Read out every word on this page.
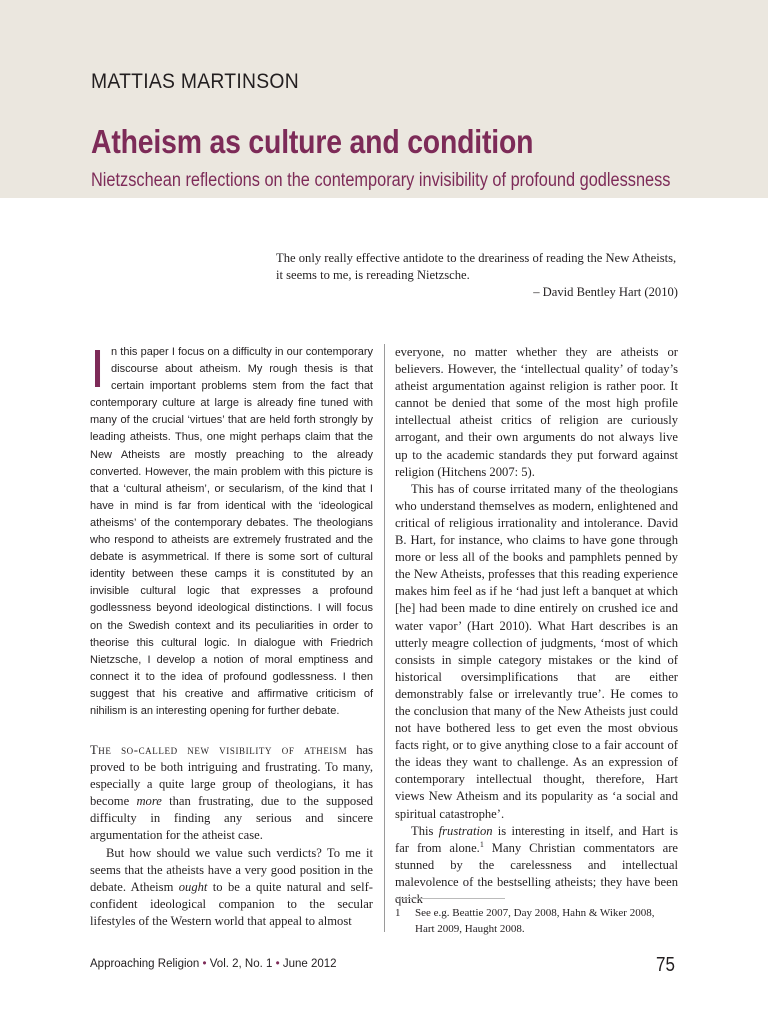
MATTIAS MARTINSON
Atheism as culture and condition
Nietzschean reflections on the contemporary invisibility of profound godlessness
The only really effective antidote to the dreariness of reading the New Atheists, it seems to me, is rereading Nietzsche.
– David Bentley Hart (2010)
I n this paper I focus on a difficulty in our contemporary discourse about atheism. My rough thesis is that certain important problems stem from the fact that contemporary culture at large is already fine tuned with many of the crucial ‘virtues’ that are held forth strongly by leading atheists. Thus, one might perhaps claim that the New Atheists are mostly preaching to the already converted. However, the main problem with this picture is that a ‘cultural atheism’, or secularism, of the kind that I have in mind is far from identical with the ‘ideological atheisms’ of the contemporary debates. The theologians who respond to atheists are extremely frustrated and the debate is asymmetrical. If there is some sort of cultural identity between these camps it is constituted by an invisible cultural logic that expresses a profound godlessness beyond ideological distinctions. I will focus on the Swedish context and its peculiarities in order to theorise this cultural logic. In dialogue with Friedrich Nietzsche, I develop a notion of moral emptiness and connect it to the idea of profound godlessness. I then suggest that his creative and affirmative criticism of nihilism is an interesting opening for further debate.

The so-called new visibility of atheism has proved to be both intriguing and frustrating. To many, especially a quite large group of theologians, it has become more than frustrating, due to the supposed difficulty in finding any serious and sincere argumentation for the atheist case.

But how should we value such verdicts? To me it seems that the atheists have a very good position in the debate. Atheism ought to be a quite natural and self-confident ideological companion to the secular lifestyles of the Western world that appeal to almost

everyone, no matter whether they are atheists or believers. However, the ‘intellectual quality’ of today’s atheist argumentation against religion is rather poor. It cannot be denied that some of the most high profile intellectual atheist critics of religion are curiously arrogant, and their own arguments do not always live up to the academic standards they put forward against religion (Hitchens 2007: 5).

This has of course irritated many of the theologians who understand themselves as modern, enlightened and critical of religious irrationality and intolerance. David B. Hart, for instance, who claims to have gone through more or less all of the books and pamphlets penned by the New Atheists, professes that this reading experience makes him feel as if he ‘had just left a banquet at which [he] had been made to dine entirely on crushed ice and water vapor’ (Hart 2010). What Hart describes is an utterly meagre collection of judgments, ‘most of which consists in simple category mistakes or the kind of historical oversimplifications that are either demonstrably false or irrelevantly true’. He comes to the conclusion that many of the New Atheists just could not have bothered less to get even the most obvious facts right, or to give anything close to a fair account of the ideas they want to challenge. As an expression of contemporary intellectual thought, therefore, Hart views New Atheism and its popularity as ‘a social and spiritual catastrophe’.

This frustration is interesting in itself, and Hart is far from alone.$^1$ Many Christian commentators are stunned by the carelessness and intellectual malevolence of the bestselling atheists; they have been quick

1 See e.g. Beattie 2007, Day 2008, Hahn & Wiker 2008,
Hart 2009, Haught 2008.
Approaching Religion • Vol. 2, No. 1 • June 2012	75
